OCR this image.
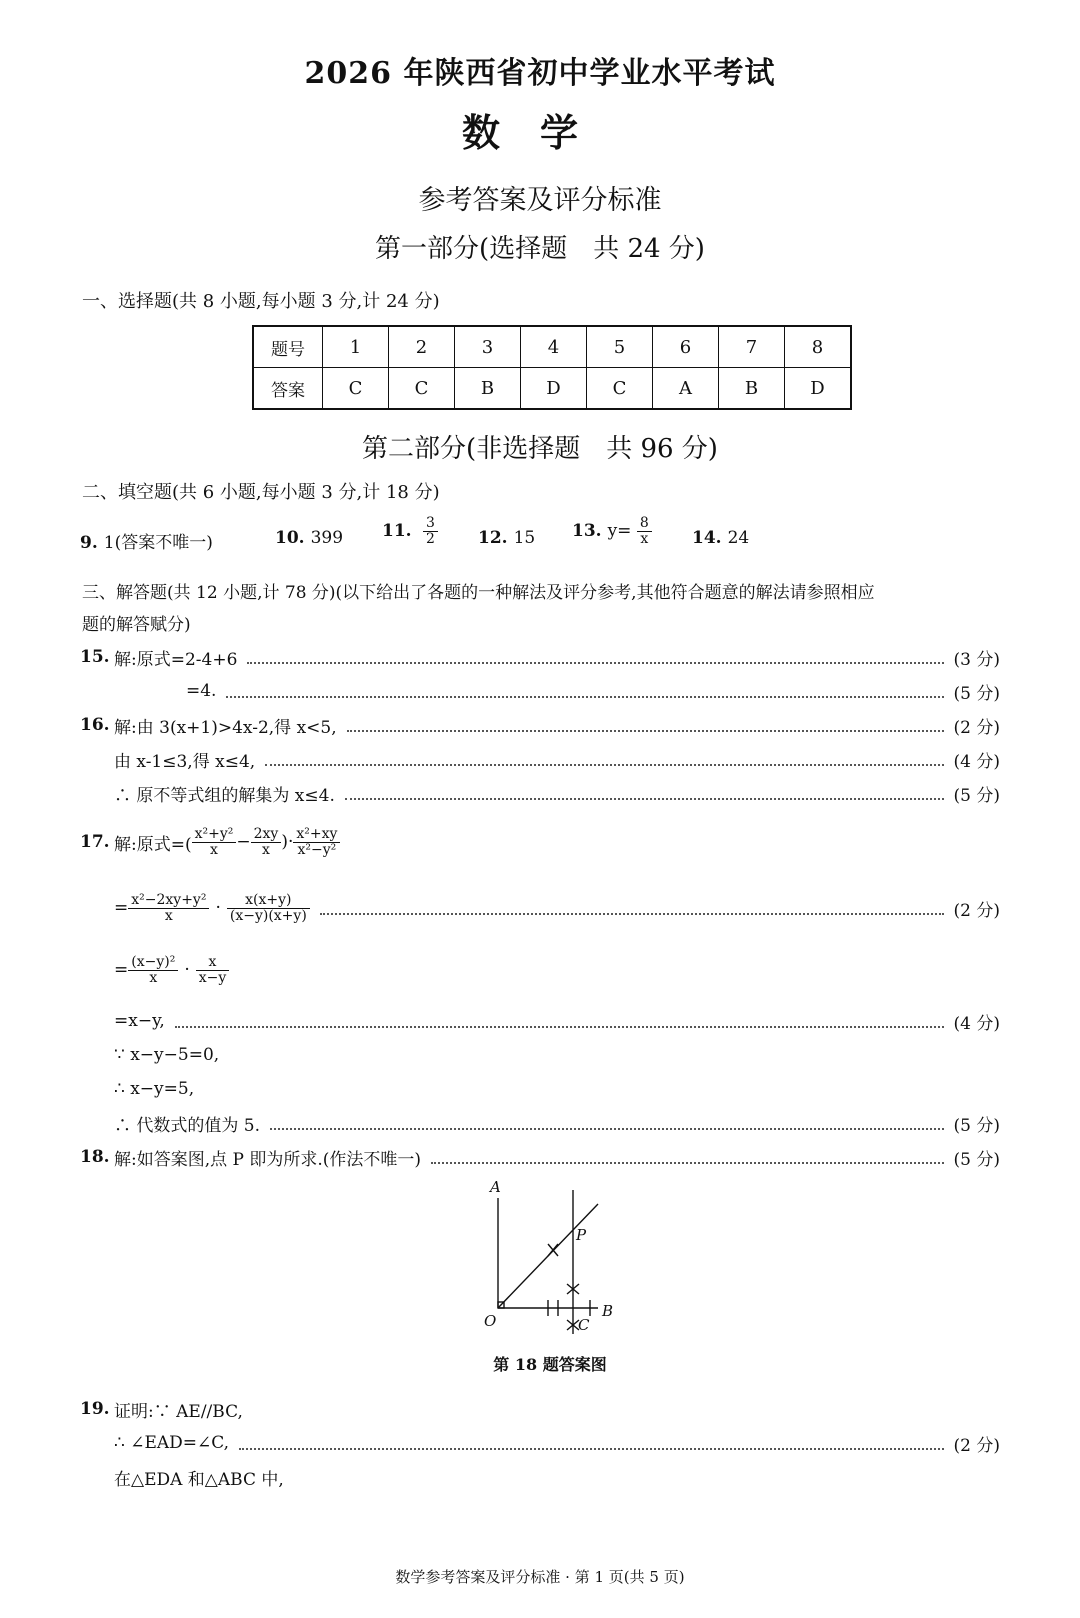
2026 年陕西省初中学业水平考试
数学
参考答案及评分标准
第一部分(选择题　共 24 分)
一、选择题(共 8 小题,每小题 3 分,计 24 分)
题号	1	2	3	4	5	6	7	8
答案	C	C	B	D	C	A	B	D
第二部分(非选择题　共 96 分)
二、填空题(共 6 小题,每小题 3 分,计 18 分)
9. 1(答案不唯一)	10. 399 11. $\frac{3}{2} 12$. 15 13. $y= \frac{8}{x} 14$. 24
三、解答题(共 12 小题,计 78 分)(以下给出了各题的一种解法及评分参考,其他符合题意的解法请参照相应
题的解答赋分)
15. 解:原式=2-4+6	(3 分)
=4.	(5 分)
16. 解:由 3(x+1)>4x-2,得 x<5,	(2 分)
由 x-1≤3,得 x≤4,	(4 分)
∴ 原不等式组的解集为 x≤4.	(5 分)
17. 解:原式=( $\frac{\text{x²+y²}}{x} - \frac{2xy}{x}$ )· $\frac{\text{x²+xy}}{\text{x²−y²}}$
= $\frac{\text{x²−2xy+y²}}{x} \cdot \frac{x(x+y)}{(x-y)(x+y)}$	(2 分)
= $\frac{\text{(x−y)²}}{x} \cdot \frac{x}{x-y}$
=x−y,	(4 分)
∵ x−y−5=0,
∴ x−y=5,
∴ 代数式的值为 5.	(5 分)
18. 解:如答案图,点 P 即为所求.(作法不唯一)	(5 分)
A
O
B
C
P
第 18 题答案图
19. 证明:∵ AE//BC,
∴ ∠EAD=∠C,	(2 分)
在△EDA 和△ABC 中,
数学参考答案及评分标准 · 第 1 页(共 5 页)
